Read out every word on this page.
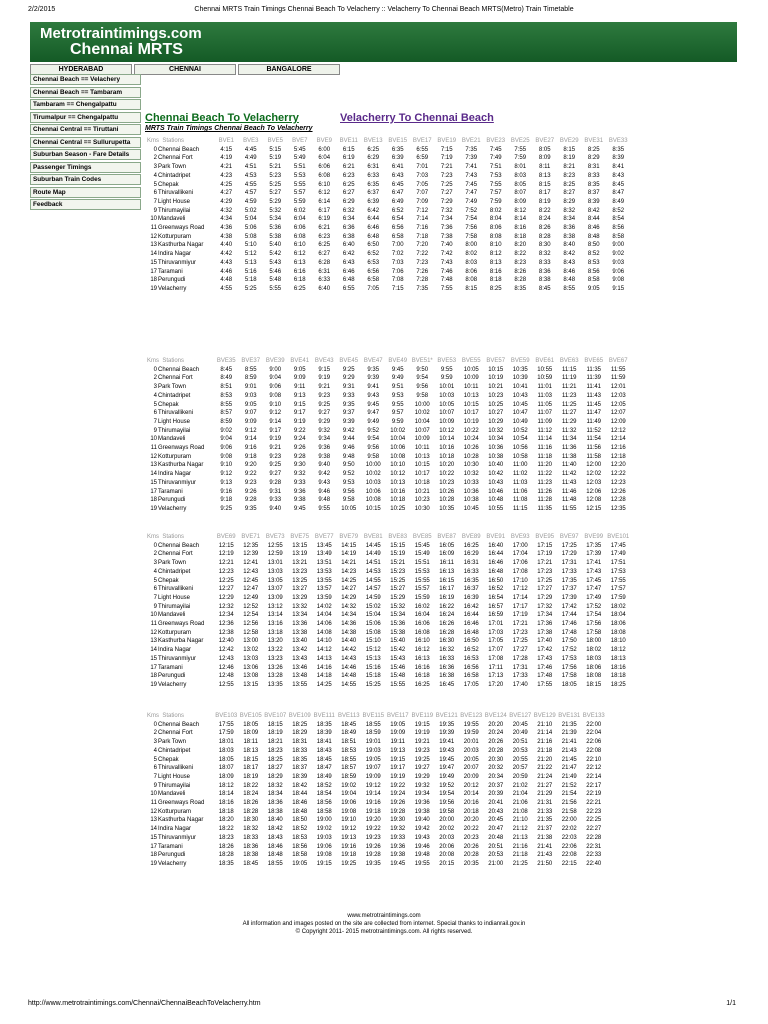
2/2/2015	Chennai MRTS Train Timings Chennai Beach To Velacherry :: Velacherry To Chennai Beach MRTS(Metro) Train Timetable
Metrotraintimings.com
Chennai MRTS
HYDERABAD	CHENNAI	BANGALORE
Chennai Beach == Velachery
Chennai Beach == Tambaram
Tambaram == Chengalpattu
Tirumalpur == Chengalpattu
Chennai Central == Tiruttani
Chennai Central == Sullurupetta
Suburban Season - Fare Details
Passenger Timings
Suburban Train Codes
Route Map
Feedback
Chennai Beach To Velacherry	Velacherry To Chennai Beach
MRTS Train Timings Chennai Beach To Velacherry
Kms Stations		BVE1	BVE3	BVE5	BVE7	BVE9	BVE11	BVE13	BVE15	BVE17	BVE19	BVE21	BVE23	BVE25	BVE27	BVE29	BVE31	BVE33
0	Chennai Beach	4:15	4:45	5:15	5:45	6:00	6:15	6:25	6:35	6:55	7:15	7:35	7:45	7:55	8:05	8:15	8:25	8:35
2	Chennai Fort	4:19	4:49	5:19	5:49	6:04	6:19	6:29	6:39	6:59	7:19	7:39	7:49	7:59	8:09	8:19	8:29	8:39
3	Park Town	4:21	4:51	5:21	5:51	6:06	6:21	6:31	6:41	7:01	7:21	7:41	7:51	8:01	8:11	8:21	8:31	8:41
4	Chintadripet	4:23	4:53	5:23	5:53	6:08	6:23	6:33	6:43	7:03	7:23	7:43	7:53	8:03	8:13	8:23	8:33	8:43
5	Chepak	4:25	4:55	5:25	5:55	6:10	6:25	6:35	6:45	7:05	7:25	7:45	7:55	8:05	8:15	8:25	8:35	8:45
6	Thiruvallikeni	4:27	4:57	5:27	5:57	6:12	6:27	6:37	6:47	7:07	7:27	7:47	7:57	8:07	8:17	8:27	8:37	8:47
7	Light House	4:29	4:59	5:29	5:59	6:14	6:29	6:39	6:49	7:09	7:29	7:49	7:59	8:09	8:19	8:29	8:39	8:49
9	Thirumayilai	4:32	5:02	5:32	6:02	6:17	6:32	6:42	6:52	7:12	7:32	7:52	8:02	8:12	8:22	8:32	8:42	8:52
10	Mandaveli	4:34	5:04	5:34	6:04	6:19	6:34	6:44	6:54	7:14	7:34	7:54	8:04	8:14	8:24	8:34	8:44	8:54
11	Greenways Road	4:36	5:06	5:36	6:06	6:21	6:36	6:46	6:56	7:16	7:36	7:56	8:06	8:16	8:26	8:36	8:46	8:56
12	Kotturpuram	4:38	5:08	5:38	6:08	6:23	6:38	6:48	6:58	7:18	7:38	7:58	8:08	8:18	8:28	8:38	8:48	8:58
13	Kasthurba Nagar	4:40	5:10	5:40	6:10	6:25	6:40	6:50	7:00	7:20	7:40	8:00	8:10	8:20	8:30	8:40	8:50	9:00
14	Indira Nagar	4:42	5:12	5:42	6:12	6:27	6:42	6:52	7:02	7:22	7:42	8:02	8:12	8:22	8:32	8:42	8:52	9:02
15	Thiruvanmiyur	4:43	5:13	5:43	6:13	6:28	6:43	6:53	7:03	7:23	7:43	8:03	8:13	8:23	8:33	8:43	8:53	9:03
17	Taramani	4:46	5:16	5:46	6:16	6:31	6:46	6:56	7:06	7:26	7:46	8:06	8:16	8:26	8:36	8:46	8:56	9:06
18	Perungudi	4:48	5:18	5:48	6:18	6:33	6:48	6:58	7:08	7:28	7:48	8:08	8:18	8:28	8:38	8:48	8:58	9:08
19	Velacherry	4:55	5:25	5:55	6:25	6:40	6:55	7:05	7:15	7:35	7:55	8:15	8:25	8:35	8:45	8:55	9:05	9:15
Kms Stations		BVE35	BVE37	BVE39	BVE41	BVE43	BVE45	BVE47	BVE49	BVE51*	BVE53	BVE55	BVE57	BVE59	BVE61	BVE63	BVE65	BVE67
0	Chennai Beach	8:45	8:55	9:00	9:05	9:15	9:25	9:35	9:45	9:50	9:55	10:05	10:15	10:35	10:55	11:15	11:35	11:55
2	Chennai Fort	8:49	8:59	9:04	9:09	9:19	9:29	9:39	9:49	9:54	9:59	10:09	10:19	10:39	10:59	11:19	11:39	11:59
3	Park Town	8:51	9:01	9:06	9:11	9:21	9:31	9:41	9:51	9:56	10:01	10:11	10:21	10:41	11:01	11:21	11:41	12:01
4	Chintadripet	8:53	9:03	9:08	9:13	9:23	9:33	9:43	9:53	9:58	10:03	10:13	10:23	10:43	11:03	11:23	11:43	12:03
5	Chepak	8:55	9:05	9:10	9:15	9:25	9:35	9:45	9:55	10:00	10:05	10:15	10:25	10:45	11:05	11:25	11:45	12:05
6	Thiruvallikeni	8:57	9:07	9:12	9:17	9:27	9:37	9:47	9:57	10:02	10:07	10:17	10:27	10:47	11:07	11:27	11:47	12:07
7	Light House	8:59	9:09	9:14	9:19	9:29	9:39	9:49	9:59	10:04	10:09	10:19	10:29	10:49	11:09	11:29	11:49	12:09
9	Thirumayilai	9:02	9:12	9:17	9:22	9:32	9:42	9:52	10:02	10:07	10:12	10:22	10:32	10:52	11:12	11:32	11:52	12:12
10	Mandaveli	9:04	9:14	9:19	9:24	9:34	9:44	9:54	10:04	10:09	10:14	10:24	10:34	10:54	11:14	11:34	11:54	12:14
11	Greenways Road	9:06	9:16	9:21	9:26	9:36	9:46	9:56	10:06	10:11	10:16	10:26	10:36	10:56	11:16	11:36	11:56	12:16
12	Kotturpuram	9:08	9:18	9:23	9:28	9:38	9:48	9:58	10:08	10:13	10:18	10:28	10:38	10:58	11:18	11:38	11:58	12:18
13	Kasthurba Nagar	9:10	9:20	9:25	9:30	9:40	9:50	10:00	10:10	10:15	10:20	10:30	10:40	11:00	11:20	11:40	12:00	12:20
14	Indira Nagar	9:12	9:22	9:27	9:32	9:42	9:52	10:02	10:12	10:17	10:22	10:32	10:42	11:02	11:22	11:42	12:02	12:22
15	Thiruvanmiyur	9:13	9:23	9:28	9:33	9:43	9:53	10:03	10:13	10:18	10:23	10:33	10:43	11:03	11:23	11:43	12:03	12:23
17	Taramani	9:16	9:26	9:31	9:36	9:46	9:56	10:06	10:16	10:21	10:26	10:36	10:46	11:06	11:26	11:46	12:06	12:26
18	Perungudi	9:18	9:28	9:33	9:38	9:48	9:58	10:08	10:18	10:23	10:28	10:38	10:48	11:08	11:28	11:48	12:08	12:28
19	Velacherry	9:25	9:35	9:40	9:45	9:55	10:05	10:15	10:25	10:30	10:35	10:45	10:55	11:15	11:35	11:55	12:15	12:35
Kms Stations		BVE69	BVE71	BVE73	BVE75	BVE77	BVE79	BVE81	BVE83	BVE85	BVE87	BVE89	BVE91	BVE93	BVE95	BVE97	BVE99	BVE101
0	Chennai Beach	12:15	12:35	12:55	13:15	13:45	14:15	14:45	15:15	15:45	16:05	16:25	16:40	17:00	17:15	17:25	17:35	17:45
2	Chennai Fort	12:19	12:39	12:59	13:19	13:49	14:19	14:49	15:19	15:49	16:09	16:29	16:44	17:04	17:19	17:29	17:39	17:49
3	Park Town	12:21	12:41	13:01	13:21	13:51	14:21	14:51	15:21	15:51	16:11	16:31	16:46	17:06	17:21	17:31	17:41	17:51
4	Chintadripet	12:23	12:43	13:03	13:23	13:53	14:23	14:53	15:23	15:53	16:13	16:33	16:48	17:08	17:23	17:33	17:43	17:53
5	Chepak	12:25	12:45	13:05	13:25	13:55	14:25	14:55	15:25	15:55	16:15	16:35	16:50	17:10	17:25	17:35	17:45	17:55
6	Thiruvallikeni	12:27	12:47	13:07	13:27	13:57	14:27	14:57	15:27	15:57	16:17	16:37	16:52	17:12	17:27	17:37	17:47	17:57
7	Light House	12:29	12:49	13:09	13:29	13:59	14:29	14:59	15:29	15:59	16:19	16:39	16:54	17:14	17:29	17:39	17:49	17:59
9	Thirumayilai	12:32	12:52	13:12	13:32	14:02	14:32	15:02	15:32	16:02	16:22	16:42	16:57	17:17	17:32	17:42	17:52	18:02
10	Mandaveli	12:34	12:54	13:14	13:34	14:04	14:34	15:04	15:34	16:04	16:24	16:44	16:59	17:19	17:34	17:44	17:54	18:04
11	Greenways Road	12:36	12:56	13:16	13:36	14:06	14:36	15:06	15:36	16:06	16:26	16:46	17:01	17:21	17:36	17:46	17:56	18:06
12	Kotturpuram	12:38	12:58	13:18	13:38	14:08	14:38	15:08	15:38	16:08	16:28	16:48	17:03	17:23	17:38	17:48	17:58	18:08
13	Kasthurba Nagar	12:40	13:00	13:20	13:40	14:10	14:40	15:10	15:40	16:10	16:30	16:50	17:05	17:25	17:40	17:50	18:00	18:10
14	Indira Nagar	12:42	13:02	13:22	13:42	14:12	14:42	15:12	15:42	16:12	16:32	16:52	17:07	17:27	17:42	17:52	18:02	18:12
15	Thiruvanmiyur	12:43	13:03	13:23	13:43	14:13	14:43	15:13	15:43	16:13	16:33	16:53	17:08	17:28	17:43	17:53	18:03	18:13
17	Taramani	12:46	13:06	13:26	13:46	14:16	14:46	15:16	15:46	16:16	16:36	16:56	17:11	17:31	17:46	17:56	18:06	18:16
18	Perungudi	12:48	13:08	13:28	13:48	14:18	14:48	15:18	15:48	16:18	16:38	16:58	17:13	17:33	17:48	17:58	18:08	18:18
19	Velacherry	12:55	13:15	13:35	13:55	14:25	14:55	15:25	15:55	16:25	16:45	17:05	17:20	17:40	17:55	18:05	18:15	18:25
Kms Stations		BVE103	BVE105	BVE107	BVE109	BVE111	BVE113	BVE115	BVE117	BVE119	BVE121	BVE123	BVE124	BVE127	BVE129	BVE131	BVE133
0	Chennai Beach	17:55	18:05	18:15	18:25	18:35	18:45	18:55	19:05	19:15	19:35	19:55	20:20	20:45	21:10	21:35	22:00
2	Chennai Fort	17:59	18:09	18:19	18:29	18:39	18:49	18:59	19:09	19:19	19:39	19:59	20:24	20:49	21:14	21:39	22:04
3	Park Town	18:01	18:11	18:21	18:31	18:41	18:51	19:01	19:11	19:21	19:41	20:01	20:26	20:51	21:16	21:41	22:06
4	Chintadripet	18:03	18:13	18:23	18:33	18:43	18:53	19:03	19:13	19:23	19:43	20:03	20:28	20:53	21:18	21:43	22:08
5	Chepak	18:05	18:15	18:25	18:35	18:45	18:55	19:05	19:15	19:25	19:45	20:05	20:30	20:55	21:20	21:45	22:10
6	Thiruvallikeni	18:07	18:17	18:27	18:37	18:47	18:57	19:07	19:17	19:27	19:47	20:07	20:32	20:57	21:22	21:47	22:12
7	Light House	18:09	18:19	18:29	18:39	18:49	18:59	19:09	19:19	19:29	19:49	20:09	20:34	20:59	21:24	21:49	22:14
9	Thirumayilai	18:12	18:22	18:32	18:42	18:52	19:02	19:12	19:22	19:32	19:52	20:12	20:37	21:02	21:27	21:52	22:17
10	Mandaveli	18:14	18:24	18:34	18:44	18:54	19:04	19:14	19:24	19:34	19:54	20:14	20:39	21:04	21:29	21:54	22:19
11	Greenways Road	18:16	18:26	18:36	18:46	18:56	19:06	19:16	19:26	19:36	19:56	20:16	20:41	21:06	21:31	21:56	22:21
12	Kotturpuram	18:18	18:28	18:38	18:48	18:58	19:08	19:18	19:28	19:38	19:58	20:18	20:43	21:08	21:33	21:58	22:23
13	Kasthurba Nagar	18:20	18:30	18:40	18:50	19:00	19:10	19:20	19:30	19:40	20:00	20:20	20:45	21:10	21:35	22:00	22:25
14	Indira Nagar	18:22	18:32	18:42	18:52	19:02	19:12	19:22	19:32	19:42	20:02	20:22	20:47	21:12	21:37	22:02	22:27
15	Thiruvanmiyur	18:23	18:33	18:43	18:53	19:03	19:13	19:23	19:33	19:43	20:03	20:23	20:48	21:13	21:38	22:03	22:28
17	Taramani	18:26	18:36	18:46	18:56	19:06	19:16	19:26	19:36	19:46	20:06	20:26	20:51	21:16	21:41	22:06	22:31
18	Perungudi	18:28	18:38	18:48	18:58	19:08	19:18	19:28	19:38	19:48	20:08	20:28	20:53	21:18	21:43	22:08	22:33
19	Velacherry	18:35	18:45	18:55	19:05	19:15	19:25	19:35	19:45	19:55	20:15	20:35	21:00	21:25	21:50	22:15	22:40
www.metrotraintimings.com
All information and images posted on the site are collected from internet. Special thanks to indianrail.gov.in
© Copyright 2011- 2015 metrotraintimings.com. All rights reserved.
http://www.metrotraintimings.com/Chennai/ChennaiBeachToVelacherry.htm	1/1
